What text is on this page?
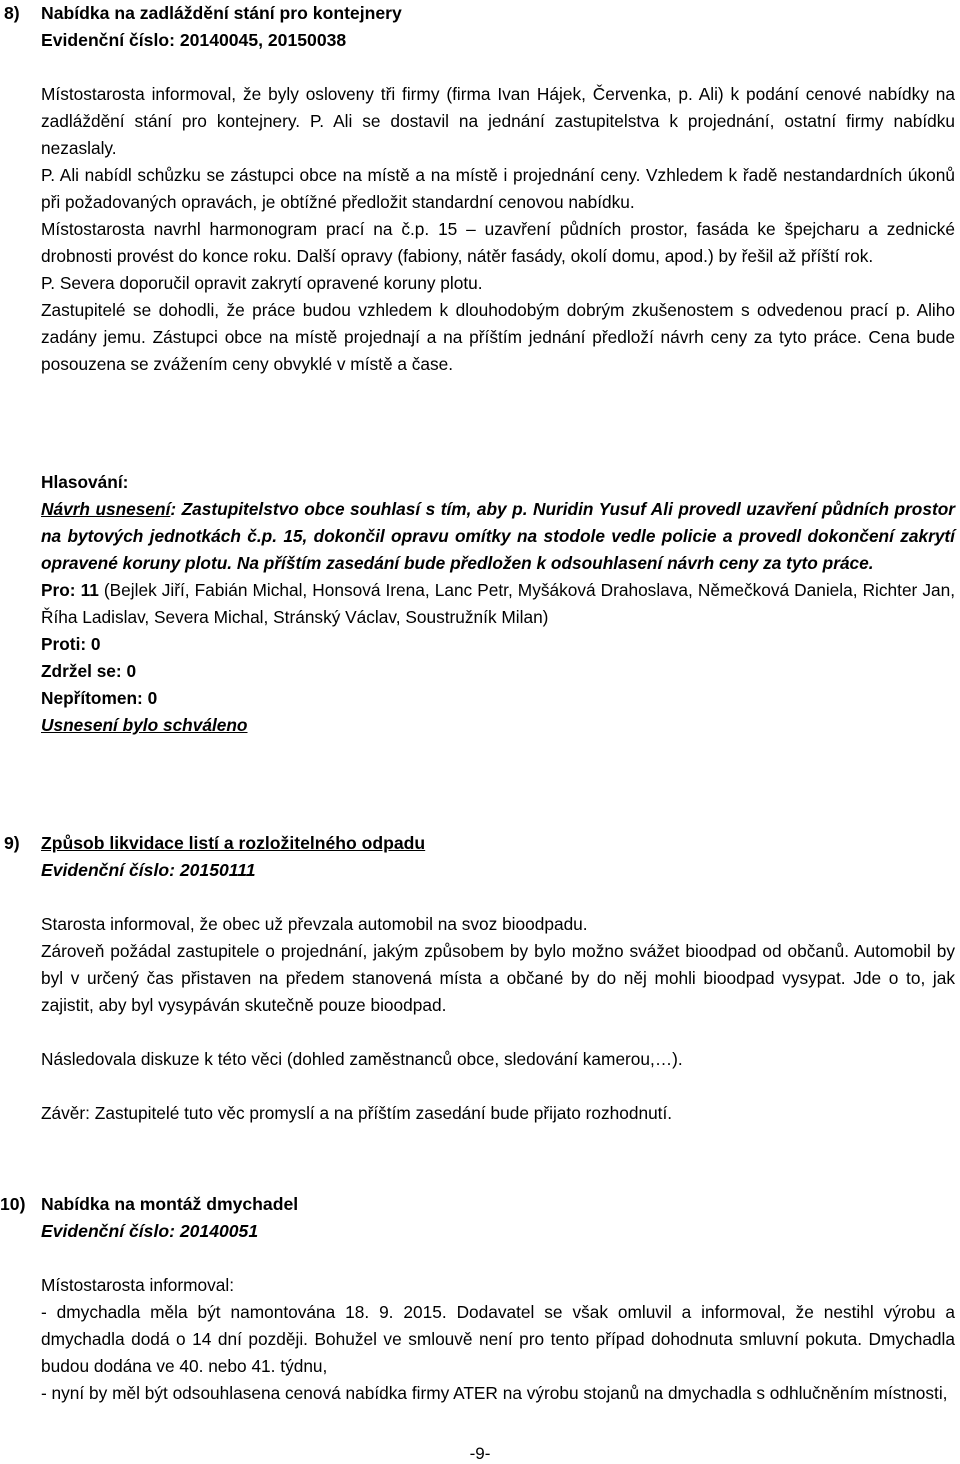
8)	Nabídka na zadláždění stání pro kontejnery
Evidenční číslo: 20140045, 20150038

Místostarosta informoval, že byly osloveny tři firmy (firma Ivan Hájek, Červenka, p. Ali) k podání cenové nabídky na zadláždění stání pro kontejnery. P. Ali se dostavil na jednání zastupitelstva k projednání, ostatní firmy nabídku nezaslaly.

P. Ali nabídl schůzku se zástupci obce na místě a na místě i projednání ceny. Vzhledem k řadě nestandardních úkonů při požadovaných opravách, je obtížné předložit standardní cenovou nabídku.

Místostarosta navrhl harmonogram prací na č.p. 15 – uzavření půdních prostor, fasáda ke špejcharu a zednické drobnosti provést do konce roku. Další opravy (fabiony, nátěr fasády, okolí domu, apod.) by řešil až příští rok.

P. Severa doporučil opravit zakrytí opravené koruny plotu.

Zastupitelé se dohodli, že práce budou vzhledem k dlouhodobým dobrým zkušenostem s odvedenou prací p. Aliho zadány jemu. Zástupci obce na místě projednají a na příštím jednání předloží návrh ceny za tyto práce. Cena bude posouzena se zvážením ceny obvyklé v místě a čase.

Hlasování:

Návrh usnesení: Zastupitelstvo obce souhlasí s tím, aby p. Nuridin Yusuf Ali provedl uzavření půdních prostor na bytových jednotkách č.p. 15, dokončil opravu omítky na stodole vedle policie a provedl dokončení zakrytí opravené koruny plotu. Na příštím zasedání bude předložen k odsouhlasení návrh ceny za tyto práce.

Pro: 11 (Bejlek Jiří, Fabián Michal, Honsová Irena, Lanc Petr, Myšáková Drahoslava, Němečková Daniela, Richter Jan, Říha Ladislav, Severa Michal, Stránský Václav, Soustružník Milan)

Proti: 0

Zdržel se: 0

Nepřítomen: 0

Usnesení bylo schváleno

9)	Způsob likvidace listí a rozložitelného odpadu
Evidenční číslo: 20150111

Starosta informoval, že obec už převzala automobil na svoz bioodpadu.

Zároveň požádal zastupitele o projednání, jakým způsobem by bylo možno svážet bioodpad od občanů. Automobil by byl v určený čas přistaven na předem stanovená místa a občané by do něj mohli bioodpad vysypat. Jde o to, jak zajistit, aby byl vysypáván skutečně pouze bioodpad.

Následovala diskuze k této věci (dohled zaměstnanců obce, sledování kamerou,…).

Závěr: Zastupitelé tuto věc promyslí a na příštím zasedání bude přijato rozhodnutí.

10) Nabídka na montáž dmychadel
Evidenční číslo: 20140051

Místostarosta informoval:

- dmychadla měla být namontována 18. 9. 2015. Dodavatel se však omluvil a informoval, že nestihl výrobu a dmychadla dodá o 14 dní později. Bohužel ve smlouvě není pro tento případ dohodnuta smluvní pokuta. Dmychadla budou dodána ve 40. nebo 41. týdnu,

- nyní by měl být odsouhlasena cenová nabídka firmy ATER na výrobu stojanů na dmychadla s odhlučněním místnosti,

-9-
